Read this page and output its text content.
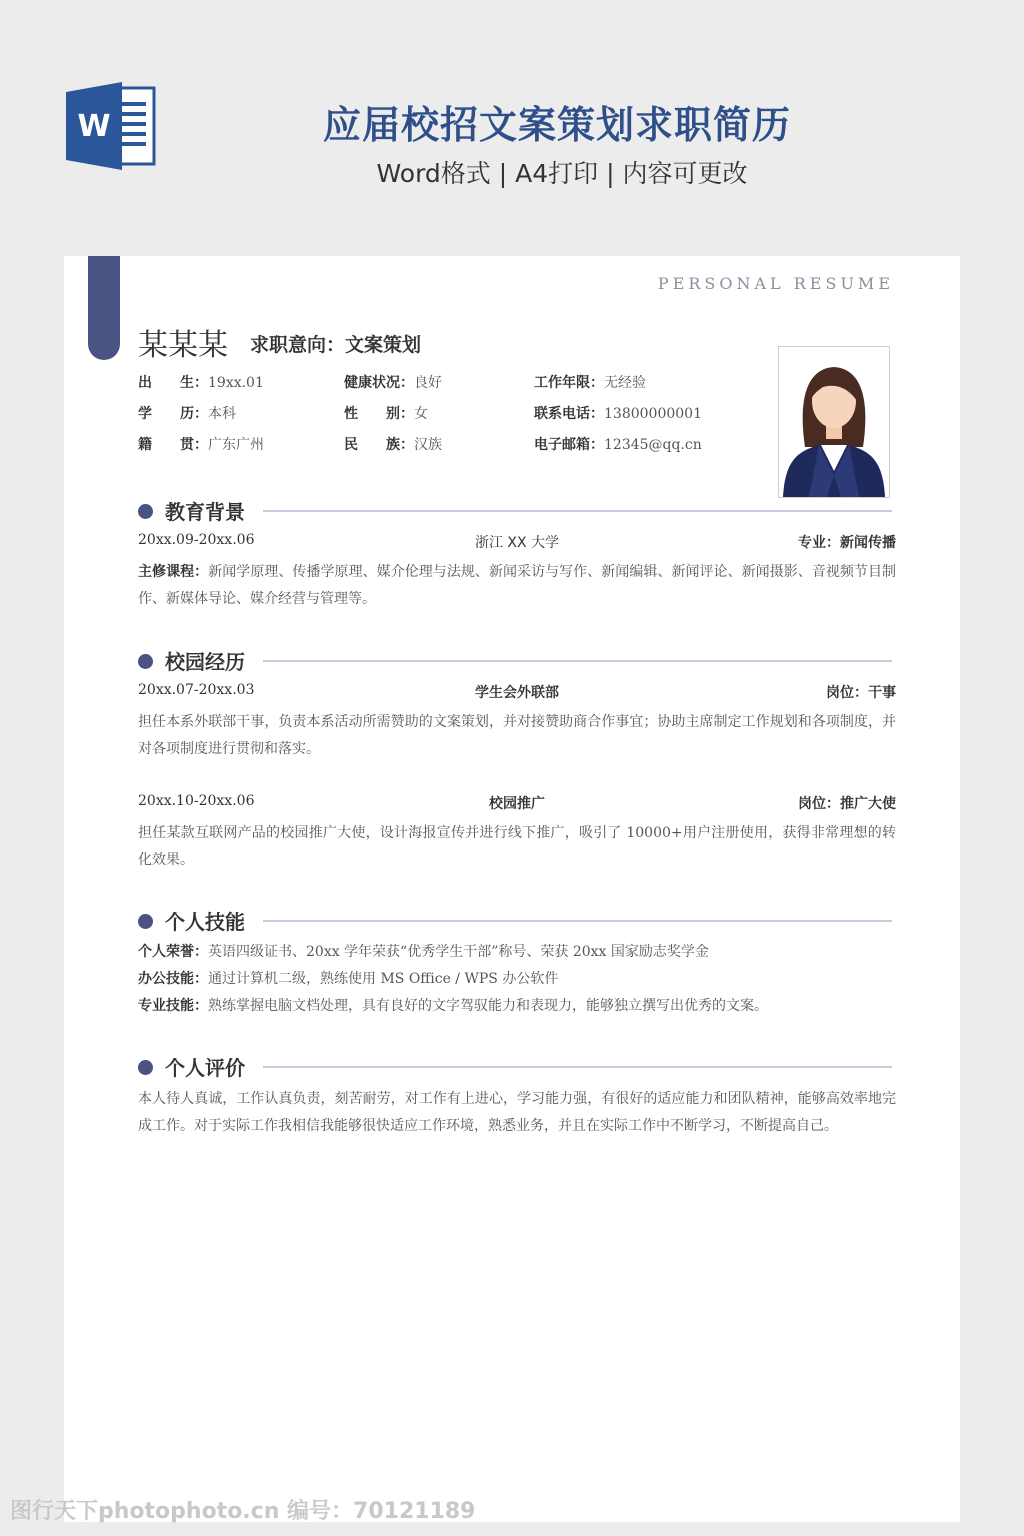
W	应届校招文案策划求职简历
Word格式 | A4打印 | 内容可更改
PERSONAL RESUME
某某某 求职意向：文案策划
出　　生：19xx.01	健康状况：良好	工作年限：无经验
学　　历：本科	性　　别：女	联系电话：13800000001
籍　　贯：广东广州	民　　族：汉族	电子邮箱：12345@qq.cn
教育背景
20xx.09-20xx.06	浙江 XX 大学	专业：新闻传播
主修课程：新闻学原理、传播学原理、媒介伦理与法规、新闻采访与写作、新闻编辑、新闻评论、新闻摄影、音视频节目制作、新媒体导论、媒介经营与管理等。
校园经历
20xx.07-20xx.03	学生会外联部	岗位：干事
担任本系外联部干事，负责本系活动所需赞助的文案策划，并对接赞助商合作事宜；协助主席制定工作规划和各项制度，并对各项制度进行贯彻和落实。
20xx.10-20xx.06	校园推广	岗位：推广大使
担任某款互联网产品的校园推广大使，设计海报宣传并进行线下推广，吸引了 10000+用户注册使用，获得非常理想的转化效果。
个人技能
个人荣誉：英语四级证书、20xx 学年荣获“优秀学生干部”称号、荣获 20xx 国家励志奖学金
办公技能：通过计算机二级，熟练使用 MS Office / WPS 办公软件
专业技能：熟练掌握电脑文档处理，具有良好的文字驾驭能力和表现力，能够独立撰写出优秀的文案。
个人评价
本人待人真诚，工作认真负责，刻苦耐劳，对工作有上进心，学习能力强，有很好的适应能力和团队精神，能够高效率地完成工作。对于实际工作我相信我能够很快适应工作环境，熟悉业务，并且在实际工作中不断学习，不断提高自己。
图行天下photophoto.cn 编号：70121189
